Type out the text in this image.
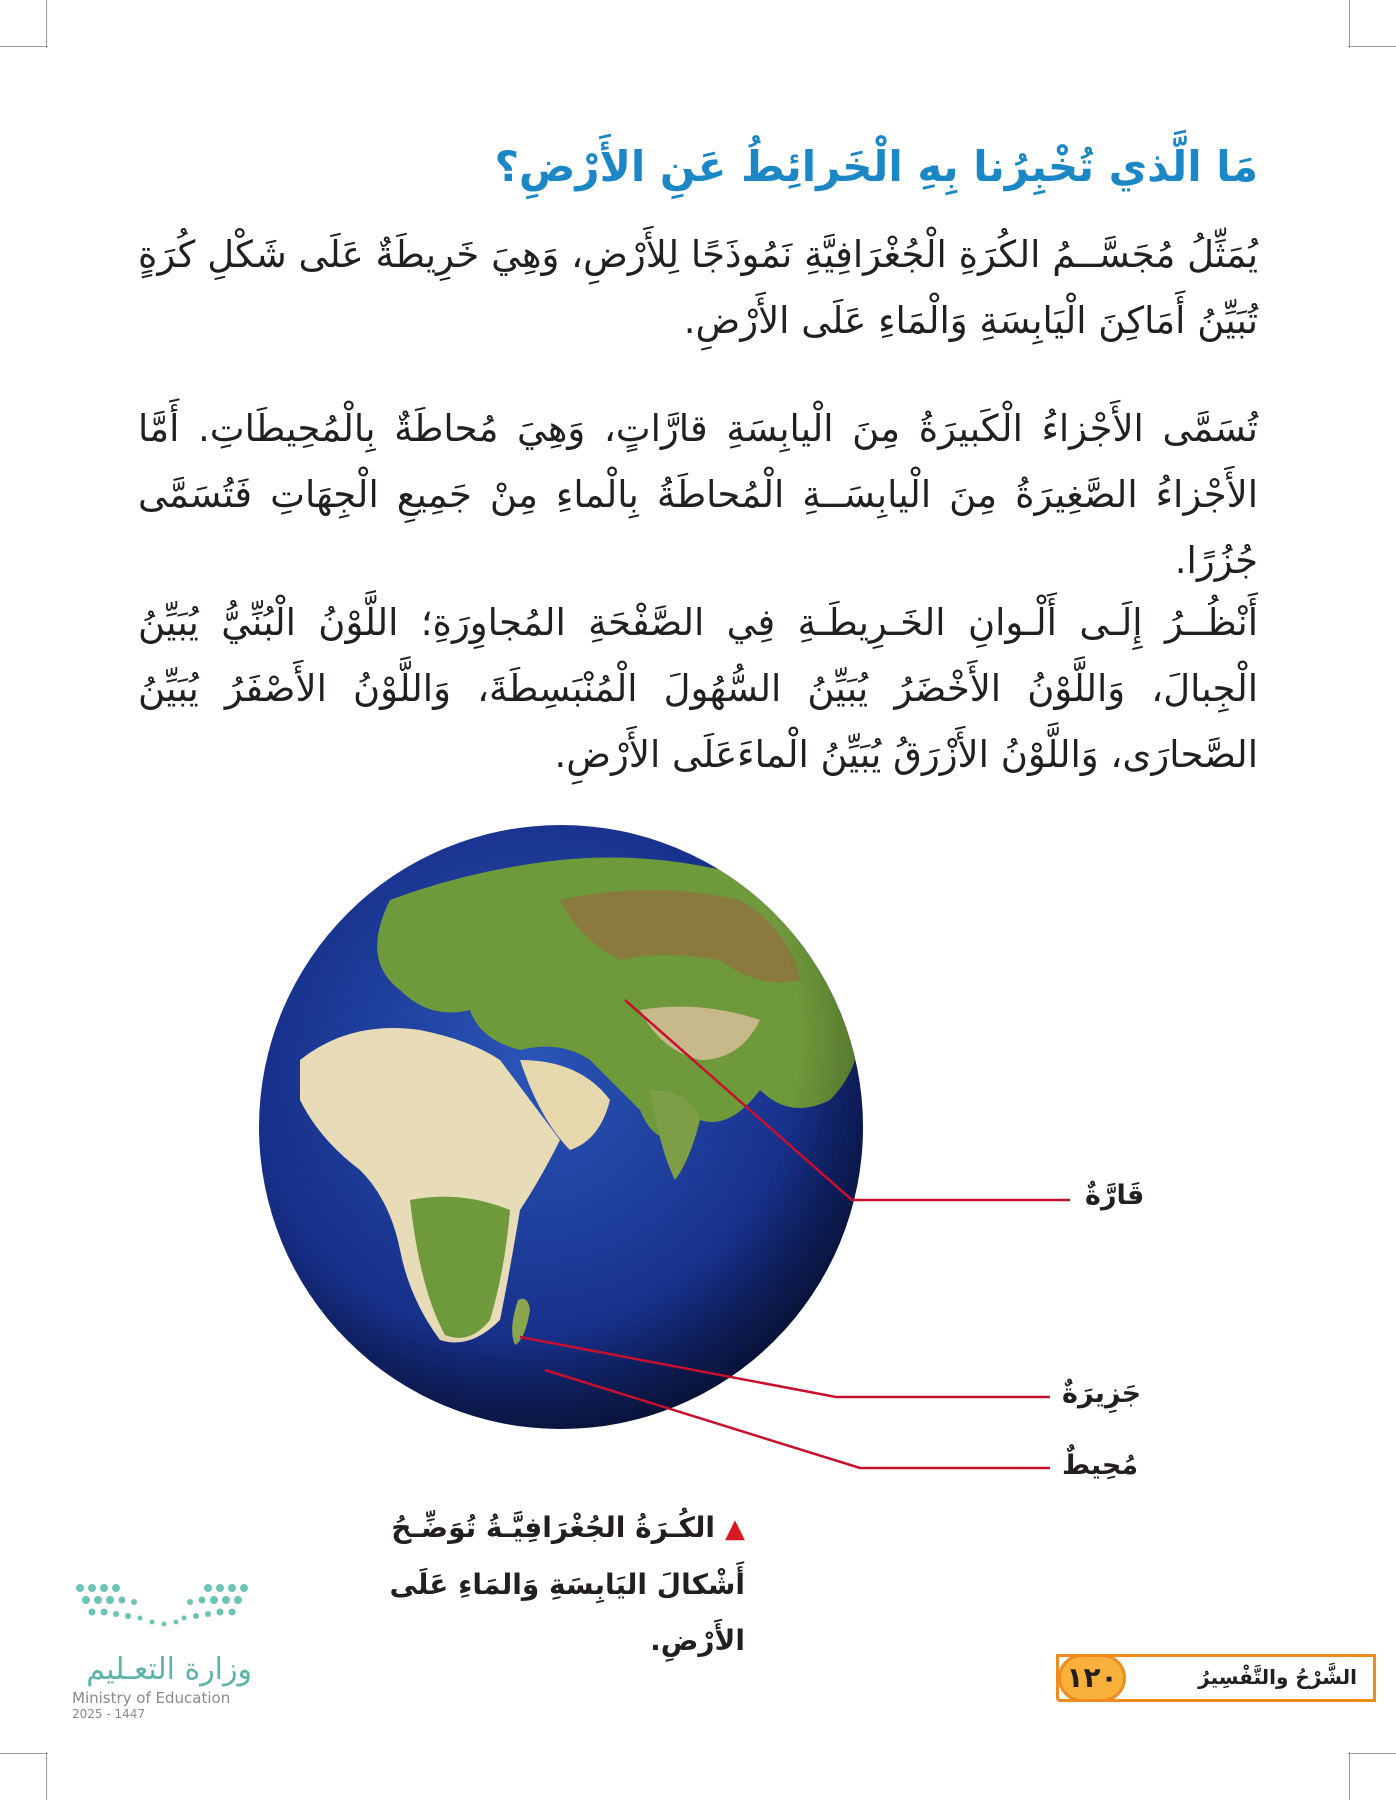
مَا الَّذي تُخْبِرُنا بِهِ الْخَرائِطُ عَنِ الأَرْضِ؟
يُمَثِّلُ مُجَسَّــمُ الكُرَةِ الْجُغْرَافِيَّةِ نَمُوذَجًا لِلأَرْضِ، وَهِيَ خَرِيطَةٌ عَلَى شَكْلِ كُرَةٍ تُبَيِّنُ أَمَاكِنَ الْيَابِسَةِ وَالْمَاءِ عَلَى الأَرْضِ.
تُسَمَّى الأَجْزاءُ الْكَبيرَةُ مِنَ الْيابِسَةِ قارَّاتٍ، وَهِيَ مُحاطَةٌ بِالْمُحِيطَاتِ. أَمَّا الأَجْزاءُ الصَّغِيرَةُ مِنَ الْيابِسَــةِ الْمُحاطَةُ بِالْماءِ مِنْ جَمِيعِ الْجِهَاتِ فَتُسَمَّى جُزُرًا.
أَنْظُــرُ إِلَـى أَلْـوانِ الخَـرِيطَـةِ فِي الصَّفْحَةِ المُجاوِرَةِ؛ اللَّوْنُ الْبُنِّيُّ يُبَيِّنُ الْجِبالَ، وَاللَّوْنُ الأَخْضَرُ يُبَيِّنُ السُّهُولَ الْمُنْبَسِطَةَ، وَاللَّوْنُ الأَصْفَرُ يُبَيِّنُ الصَّحارَى، وَاللَّوْنُ الأَزْرَقُ يُبَيِّنُ الْماءَعَلَى الأَرْضِ.
قَارَّةٌ
جَزِيرَةٌ
مُحِيطٌ
▲الكُـرَةُ الجُغْرَافِيَّـةُ تُوَضِّـحُ أَشْكالَ اليَابِسَةِ وَالمَاءِ عَلَى الأَرْضِ.
وزارة التعـليم
Ministry of Education
2025 - 1447
الشَّرْحُ والتَّفْسِيرُ
١٢٠
